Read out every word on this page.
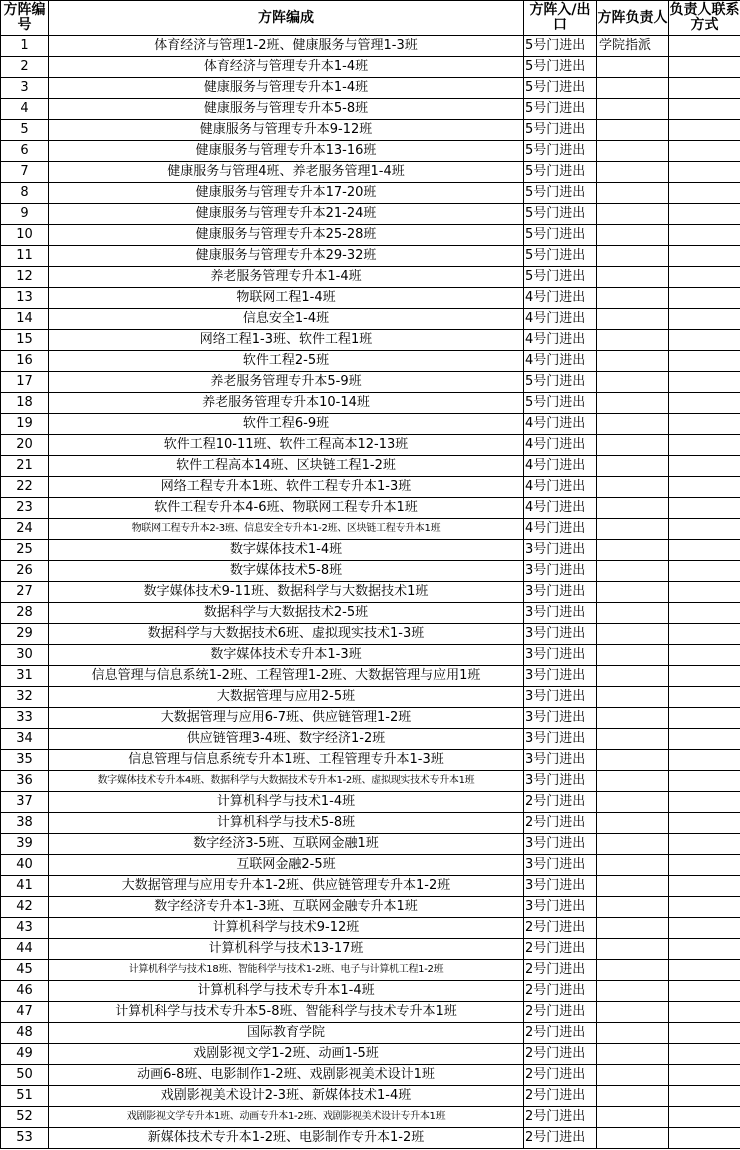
方阵编号	方阵编成	方阵入/出口	方阵负责人	负责人联系方式
1	体育经济与管理1-2班、健康服务与管理1-3班	5号门进出	学院指派	
2	体育经济与管理专升本1-4班	5号门进出		
3	健康服务与管理专升本1-4班	5号门进出		
4	健康服务与管理专升本5-8班	5号门进出		
5	健康服务与管理专升本9-12班	5号门进出		
6	健康服务与管理专升本13-16班	5号门进出		
7	健康服务与管理4班、养老服务管理1-4班	5号门进出		
8	健康服务与管理专升本17-20班	5号门进出		
9	健康服务与管理专升本21-24班	5号门进出		
10	健康服务与管理专升本25-28班	5号门进出		
11	健康服务与管理专升本29-32班	5号门进出		
12	养老服务管理专升本1-4班	5号门进出		
13	物联网工程1-4班	4号门进出		
14	信息安全1-4班	4号门进出		
15	网络工程1-3班、软件工程1班	4号门进出		
16	软件工程2-5班	4号门进出		
17	养老服务管理专升本5-9班	5号门进出		
18	养老服务管理专升本10-14班	5号门进出		
19	软件工程6-9班	4号门进出		
20	软件工程10-11班、软件工程高本12-13班	4号门进出		
21	软件工程高本14班、区块链工程1-2班	4号门进出		
22	网络工程专升本1班、软件工程专升本1-3班	4号门进出		
23	软件工程专升本4-6班、物联网工程专升本1班	4号门进出		
24	物联网工程专升本2-3班、信息安全专升本1-2班、区块链工程专升本1班	4号门进出		
25	数字媒体技术1-4班	3号门进出		
26	数字媒体技术5-8班	3号门进出		
27	数字媒体技术9-11班、数据科学与大数据技术1班	3号门进出		
28	数据科学与大数据技术2-5班	3号门进出		
29	数据科学与大数据技术6班、虚拟现实技术1-3班	3号门进出		
30	数字媒体技术专升本1-3班	3号门进出		
31	信息管理与信息系统1-2班、工程管理1-2班、大数据管理与应用1班	3号门进出		
32	大数据管理与应用2-5班	3号门进出		
33	大数据管理与应用6-7班、供应链管理1-2班	3号门进出		
34	供应链管理3-4班、数字经济1-2班	3号门进出		
35	信息管理与信息系统专升本1班、工程管理专升本1-3班	3号门进出		
36	数字媒体技术专升本4班、数据科学与大数据技术专升本1-2班、虚拟现实技术专升本1班	3号门进出		
37	计算机科学与技术1-4班	2号门进出		
38	计算机科学与技术5-8班	2号门进出		
39	数字经济3-5班、互联网金融1班	3号门进出		
40	互联网金融2-5班	3号门进出		
41	大数据管理与应用专升本1-2班、供应链管理专升本1-2班	3号门进出		
42	数字经济专升本1-3班、互联网金融专升本1班	3号门进出		
43	计算机科学与技术9-12班	2号门进出		
44	计算机科学与技术13-17班	2号门进出		
45	计算机科学与技术18班、智能科学与技术1-2班、电子与计算机工程1-2班	2号门进出		
46	计算机科学与技术专升本1-4班	2号门进出		
47	计算机科学与技术专升本5-8班、智能科学与技术专升本1班	2号门进出		
48	国际教育学院	2号门进出		
49	戏剧影视文学1-2班、动画1-5班	2号门进出		
50	动画6-8班、电影制作1-2班、戏剧影视美术设计1班	2号门进出		
51	戏剧影视美术设计2-3班、新媒体技术1-4班	2号门进出		
52	戏剧影视文学专升本1班、动画专升本1-2班、戏剧影视美术设计专升本1班	2号门进出		
53	新媒体技术专升本1-2班、电影制作专升本1-2班	2号门进出		
